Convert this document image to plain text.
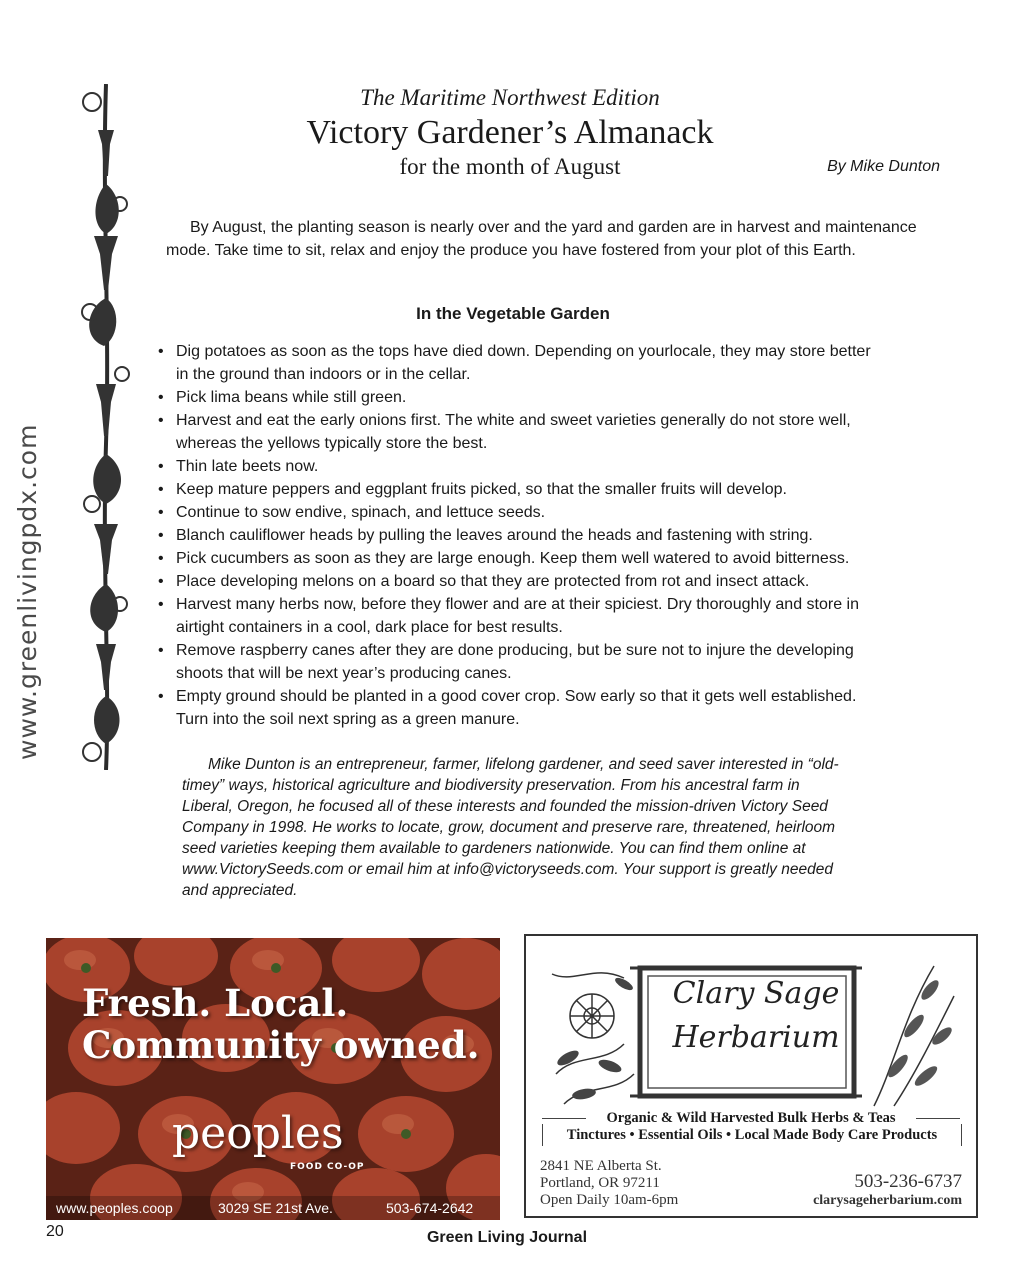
www.greenlivingpdx.com
The Maritime Northwest Edition
Victory Gardener’s Almanack
for the month of August	By Mike Dunton
By August, the planting season is nearly over and the yard and garden are in harvest and maintenance mode. Take time to sit, relax and enjoy the produce you have fostered from your plot of this Earth.
In the Vegetable Garden
• Dig potatoes as soon as the tops have died down. Depending on yourlocale, they may store better in the ground than indoors or in the cellar.
• Pick lima beans while still green.
• Harvest and eat the early onions first. The white and sweet varieties generally do not store well, whereas the yellows typically store the best.
• Thin late beets now.
• Keep mature peppers and eggplant fruits picked, so that the smaller fruits will develop.
• Continue to sow endive, spinach, and lettuce seeds.
• Blanch cauliflower heads by pulling the leaves around the heads and fastening with string.
• Pick cucumbers as soon as they are large enough. Keep them well watered to avoid bitterness.
• Place developing melons on a board so that they are protected from rot and insect attack.
• Harvest many herbs now, before they flower and are at their spiciest. Dry thoroughly and store in airtight containers in a cool, dark place for best results.
• Remove raspberry canes after they are done producing, but be sure not to injure the developing shoots that will be next year’s producing canes.
• Empty ground should be planted in a good cover crop. Sow early so that it gets well established. Turn into the soil next spring as a green manure.
Mike Dunton is an entrepreneur, farmer, lifelong gardener, and seed saver interested in “old-timey” ways, historical agriculture and biodiversity preservation. From his ancestral farm in Liberal, Oregon, he focused all of these interests and founded the mission-driven Victory Seed Company in 1998. He works to locate, grow, document and preserve rare, threatened, heirloom seed varieties keeping them available to gardeners nationwide. You can find them online at www.VictorySeeds.com or email him at info@victoryseeds.com. Your support is greatly needed and appreciated.
Fresh. Local.
Community owned.
peoples
FOOD CO-OP
www.peoples.coop	3029 SE 21st Ave.	503-674-2642
Clary Sage
Herbarium
Organic & Wild Harvested Bulk Herbs & Teas
Tinctures • Essential Oils • Local Made Body Care Products
2841 NE Alberta St.
Portland, OR 97211
Open Daily 10am-6pm
503-236-6737
clarysageherbarium.com
20	Green Living Journal
